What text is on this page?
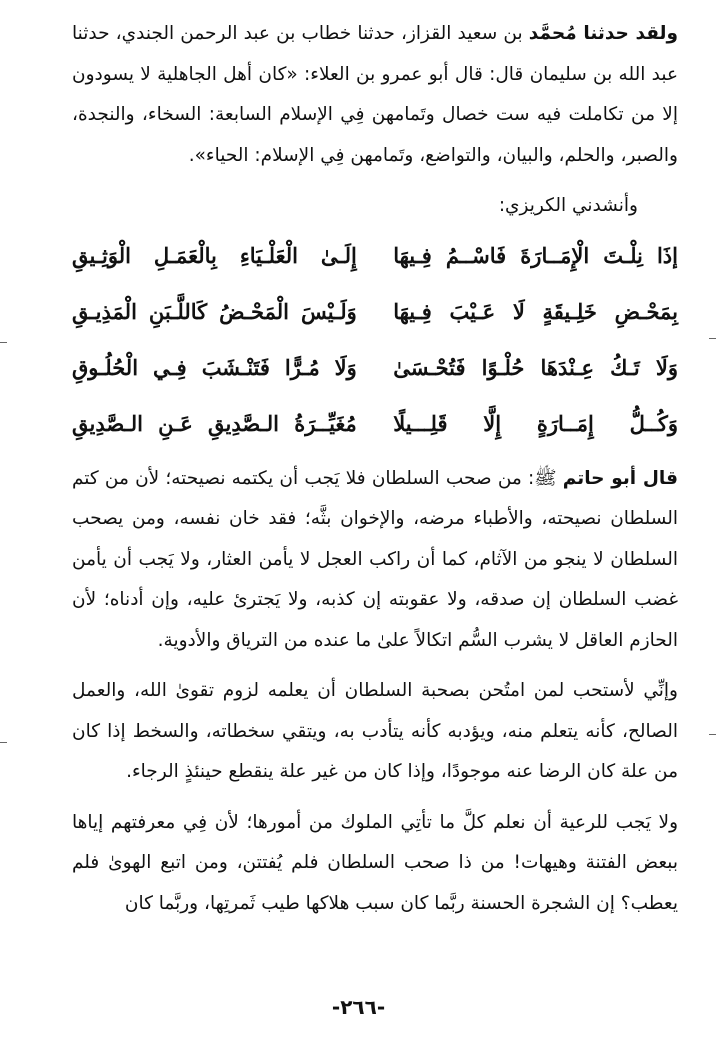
ولقد حدثنا مُحمَّد بن سعيد القزاز، حدثنا خطاب بن عبد الرحمن الجندي، حدثنا عبد الله بن سليمان قال: قال أبو عمرو بن العلاء: «كان أهل الجاهلية لا يسودون إلا من تكاملت فيه ست خصال وتَمامهن فِي الإسلام السابعة: السخاء، والنجدة، والصبر، والحلم، والبيان، والتواضع، وتَمامهن فِي الإسلام: الحياء».

وأنشدني الكريزي:

إذَا نِلْـتَ الْإِمَــارَةَ فَاسْــمُ فِـيهَا
إِلَـىٰ الْعَلْـيَاءِ بِالْعَمَـلِ الْوَثِـيقِ
بِمَحْـضِ خَلِـيقَةٍ لَا عَـيْبَ فِـيهَا
وَلَـيْسَ الْمَحْـضُ كَاللَّـبَنِ الْمَذِيـقِ
وَلَا تَـكُ عِـنْدَهَا حُلْـوًا فَتُحْـسَىٰ
وَلَا مُـرًّا فَتَنْـشَبَ فِـي الْحُلُـوقِ
وَكُــلُّ إِمَــارَةٍ إِلَّا قَلِـــيلًا
مُغَيِّــرَةُ الـصَّدِيقِ عَـنِ الـصَّدِيقِ

قال أبو حاتم ﷺ: من صحب السلطان فلا يَجب أن يكتمه نصيحته؛ لأن من كتم السلطان نصيحته، والأطباء مرضه، والإخوان بثَّه؛ فقد خان نفسه، ومن يصحب السلطان لا ينجو من الآثام، كما أن راكب العجل لا يأمن العثار، ولا يَجب أن يأمن غضب السلطان إن صدقه، ولا عقوبته إن كذبه، ولا يَجترئ عليه، وإن أدناه؛ لأن الحازم العاقل لا يشرب السُّم اتكالاً علىٰ ما عنده من الترياق والأدوية.

وإنِّي لأستحب لمن امتُحن بصحبة السلطان أن يعلمه لزوم تقوىٰ الله، والعمل الصالح، كأنه يتعلم منه، ويؤدبه كأنه يتأدب به، ويتقي سخطاته، والسخط إذا كان من علة كان الرضا عنه موجودًا، وإذا كان من غير علة ينقطع حينئذٍ الرجاء.

ولا يَجب للرعية أن نعلم كلَّ ما تأتِي الملوك من أمورها؛ لأن فِي معرفتهم إياها ببعض الفتنة وهيهات! من ذا صحب السلطان فلم يُفتتن، ومن اتبع الهوىٰ فلم يعطب؟ إن الشجرة الحسنة ربَّما كان سبب هلاكها طيب ثَمرتِها، وربَّما كان

-٢٦٦-
